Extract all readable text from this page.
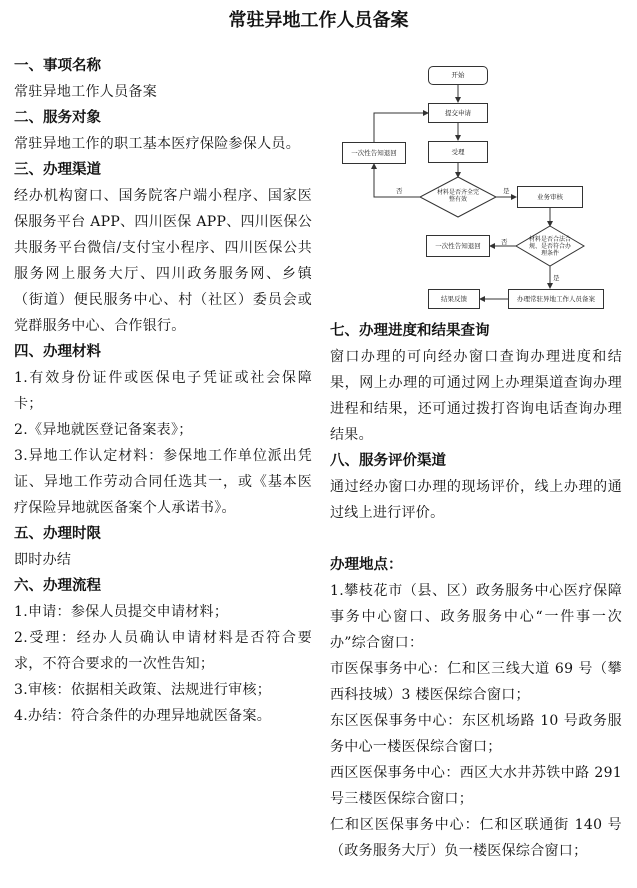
常驻异地工作人员备案
一、事项名称

常驻异地工作人员备案

二、服务对象

常驻异地工作的职工基本医疗保险参保人员。

三、办理渠道

经办机构窗口、国务院客户端小程序、国家医保服务平台 APP、四川医保 APP、四川医保公共服务平台微信/支付宝小程序、四川医保公共服务网上服务大厅、四川政务服务网、乡镇（街道）便民服务中心、村（社区）委员会或党群服务中心、合作银行。

四、办理材料

1.有效身份证件或医保电子凭证或社会保障卡；

2.《异地就医登记备案表》；

3.异地工作认定材料：参保地工作单位派出凭证、异地工作劳动合同任选其一，或《基本医疗保险异地就医备案个人承诺书》。

五、办理时限

即时办结

六、办理流程

1.申请：参保人员提交申请材料；

2.受理：经办人员确认申请材料是否符合要求，不符合要求的一次性告知；

3.审核：依据相关政策、法规进行审核；

4.办结：符合条件的办理异地就医备案。

开始
提交申请
受理
一次性告知退回
材料是否齐全完整有效
否	是
业务审核
一次性告知退回
材料是否合法合规、是否符合办理条件
否
是
办理常驻异地工作人员备案
结果反馈
七、办理进度和结果查询

窗口办理的可向经办窗口查询办理进度和结果，网上办理的可通过网上办理渠道查询办理进程和结果，还可通过拨打咨询电话查询办理结果。

八、服务评价渠道

通过经办窗口办理的现场评价，线上办理的通过线上进行评价。

办理地点：

1.攀枝花市（县、区）政务服务中心医疗保障事务中心窗口、政务服务中心“一件事一次办”综合窗口：

市医保事务中心：仁和区三线大道 69 号（攀西科技城）3 楼医保综合窗口；

东区医保事务中心：东区机场路 10 号政务服务中心一楼医保综合窗口；

西区医保事务中心：西区大水井苏铁中路 291 号三楼医保综合窗口；

仁和区医保事务中心：仁和区联通街 140 号（政务服务大厅）负一楼医保综合窗口；
